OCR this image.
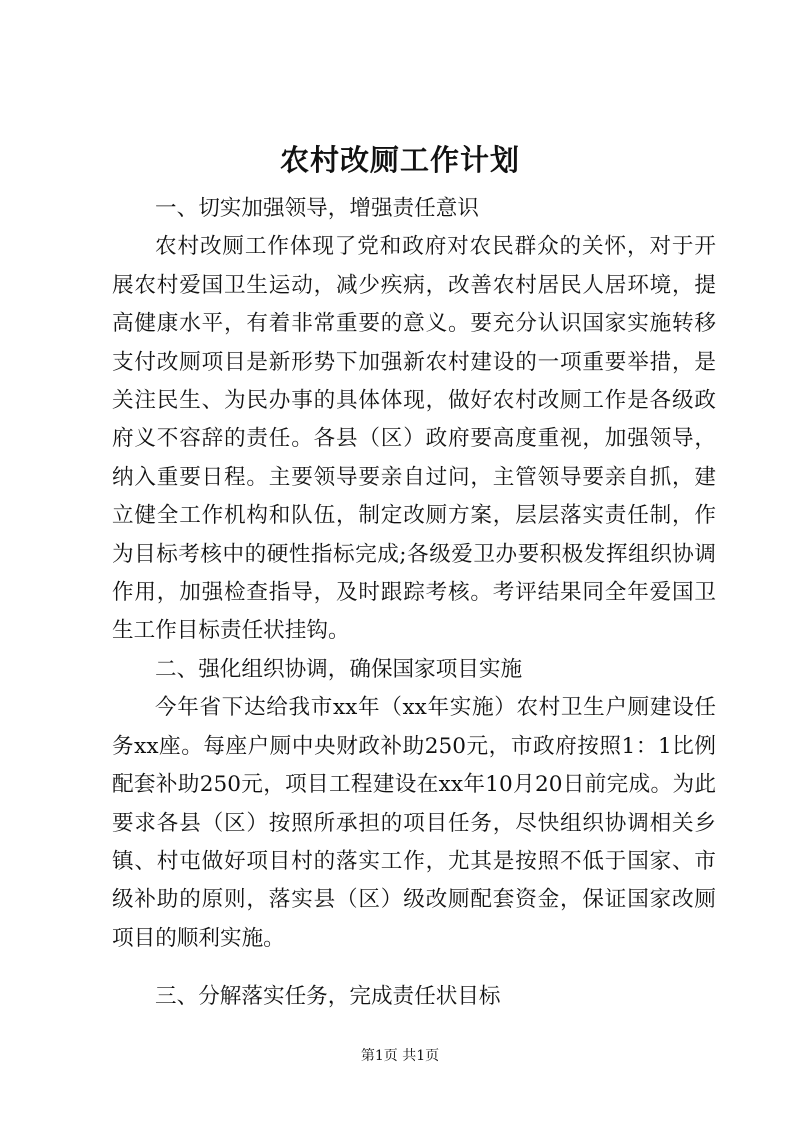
农村改厕工作计划

一、切实加强领导，增强责任意识

农村改厕工作体现了党和政府对农民群众的关怀，对于开展农村爱国卫生运动，减少疾病，改善农村居民人居环境，提高健康水平，有着非常重要的意义。要充分认识国家实施转移支付改厕项目是新形势下加强新农村建设的一项重要举措，是关注民生、为民办事的具体体现，做好农村改厕工作是各级政府义不容辞的责任。各县（区）政府要高度重视，加强领导，纳入重要日程。主要领导要亲自过问，主管领导要亲自抓，建立健全工作机构和队伍，制定改厕方案，层层落实责任制，作为目标考核中的硬性指标完成;各级爱卫办要积极发挥组织协调作用，加强检查指导，及时跟踪考核。考评结果同全年爱国卫生工作目标责任状挂钩。

二、强化组织协调，确保国家项目实施

今年省下达给我市xx年（xx年实施）农村卫生户厕建设任务xx座。每座户厕中央财政补助250元，市政府按照1：1比例配套补助250元，项目工程建设在xx年10月20日前完成。为此要求各县（区）按照所承担的项目任务，尽快组织协调相关乡镇、村屯做好项目村的落实工作，尤其是按照不低于国家、市级补助的原则，落实县（区）级改厕配套资金，保证国家改厕项目的顺利实施。

三、分解落实任务，完成责任状目标

第1页 共1页
